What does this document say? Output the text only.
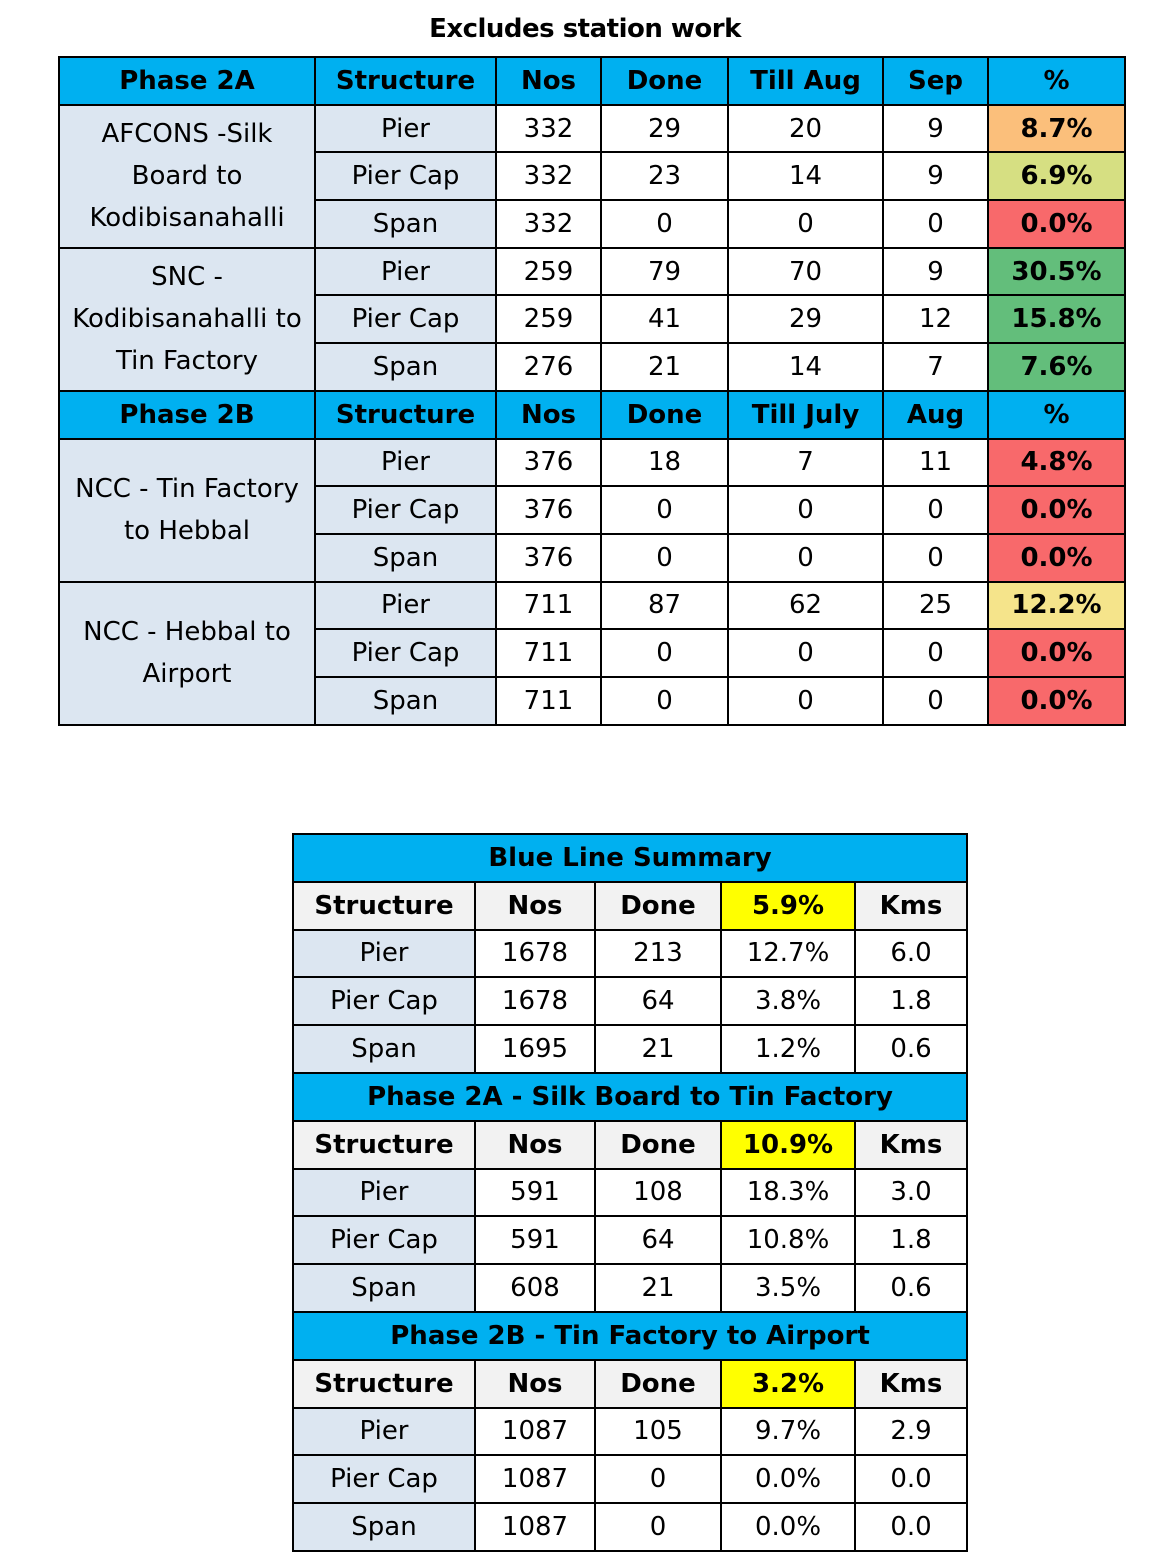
Excludes station work
Phase 2A	Structure	Nos	Done	Till Aug	Sep	%
AFCONS -Silk Board to Kodibisanahalli	Pier	332	29	20	9	8.7%
	Pier Cap	332	23	14	9	6.9%
	Span	332	0	0	0	0.0%
SNC - Kodibisanahalli to Tin Factory	Pier	259	79	70	9	30.5%
	Pier Cap	259	41	29	12	15.8%
	Span	276	21	14	7	7.6%
Phase 2B	Structure	Nos	Done	Till July	Aug	%
NCC - Tin Factory to Hebbal	Pier	376	18	7	11	4.8%
	Pier Cap	376	0	0	0	0.0%
	Span	376	0	0	0	0.0%
NCC - Hebbal to Airport	Pier	711	87	62	25	12.2%
	Pier Cap	711	0	0	0	0.0%
	Span	711	0	0	0	0.0%
Blue Line Summary				
Structure	Nos	Done	5.9%	Kms
Pier	1678	213	12.7%	6.0
Pier Cap	1678	64	3.8%	1.8
Span	1695	21	1.2%	0.6
Phase 2A - Silk Board to Tin Factory				
Structure	Nos	Done	10.9%	Kms
Pier	591	108	18.3%	3.0
Pier Cap	591	64	10.8%	1.8
Span	608	21	3.5%	0.6
Phase 2B - Tin Factory to Airport				
Structure	Nos	Done	3.2%	Kms
Pier	1087	105	9.7%	2.9
Pier Cap	1087	0	0.0%	0.0
Span	1087	0	0.0%	0.0
